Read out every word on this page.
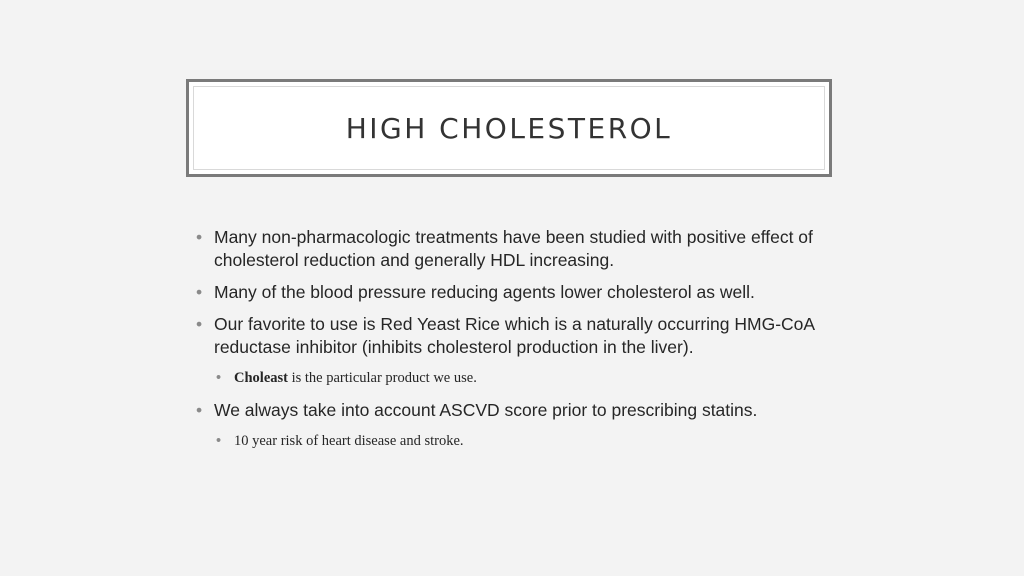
HIGH CHOLESTEROL
• Many non-pharmacologic treatments have been studied with positive effect of cholesterol reduction and generally HDL increasing.
• Many of the blood pressure reducing agents lower cholesterol as well.
• Our favorite to use is Red Yeast Rice which is a naturally occurring HMG-CoA reductase inhibitor (inhibits cholesterol production in the liver).
• Choleast is the particular product we use.
• We always take into account ASCVD score prior to prescribing statins.
• 10 year risk of heart disease and stroke.
